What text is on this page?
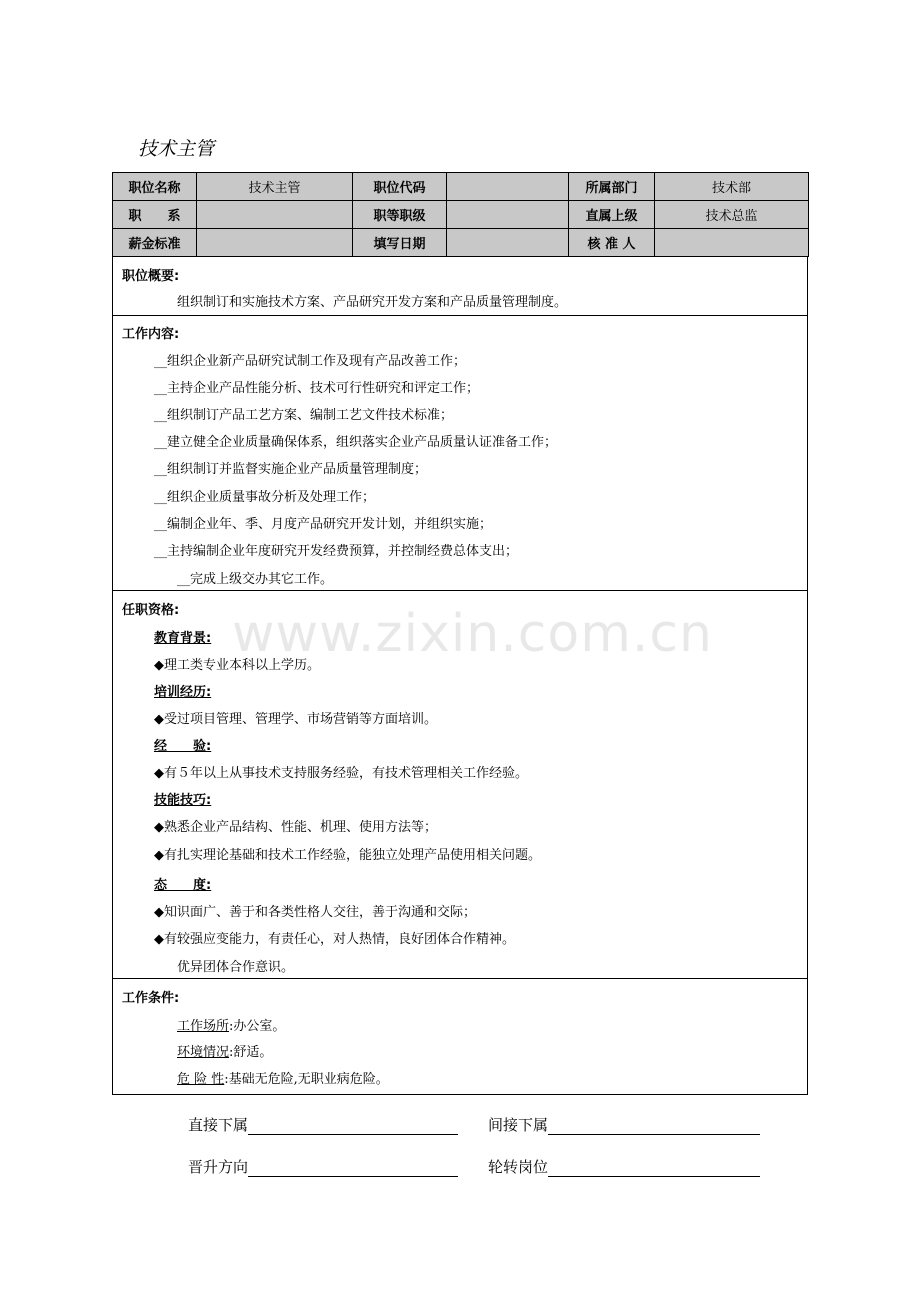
技术主管
www.zixin.com.cn
职位名称	技术主管	职位代码		所属部门	技术部
职　　系		职等职级		直属上级	技术总监
薪金标准		填写日期		核 准 人	
职位概要:
组织制订和实施技术方案、产品研究开发方案和产品质量管理制度。
工作内容:
__组织企业新产品研究试制工作及现有产品改善工作；
__主持企业产品性能分析、技术可行性研究和评定工作；
__组织制订产品工艺方案、编制工艺文件技术标准；
__建立健全企业质量确保体系，组织落实企业产品质量认证准备工作；
__组织制订并监督实施企业产品质量管理制度；
__组织企业质量事故分析及处理工作；
__编制企业年、季、月度产品研究开发计划，并组织实施；
__主持编制企业年度研究开发经费预算，并控制经费总体支出；
__完成上级交办其它工作。
任职资格:
教育背景:
◆理工类专业本科以上学历。
培训经历:
◆受过项目管理、管理学、市场营销等方面培训。
经　　验:
◆有５年以上从事技术支持服务经验，有技术管理相关工作经验。
技能技巧:
◆熟悉企业产品结构、性能、机理、使用方法等；
◆有扎实理论基础和技术工作经验，能独立处理产品使用相关问题。
态　　度:
◆知识面广、善于和各类性格人交往，善于沟通和交际；
◆有较强应变能力，有责任心，对人热情，良好团体合作精神。
优异团体合作意识。
工作条件:
工作场所:办公室。
环境情况:舒适。
危 险 性:基础无危险,无职业病危险。
直接下属	间接下属
晋升方向	轮转岗位
